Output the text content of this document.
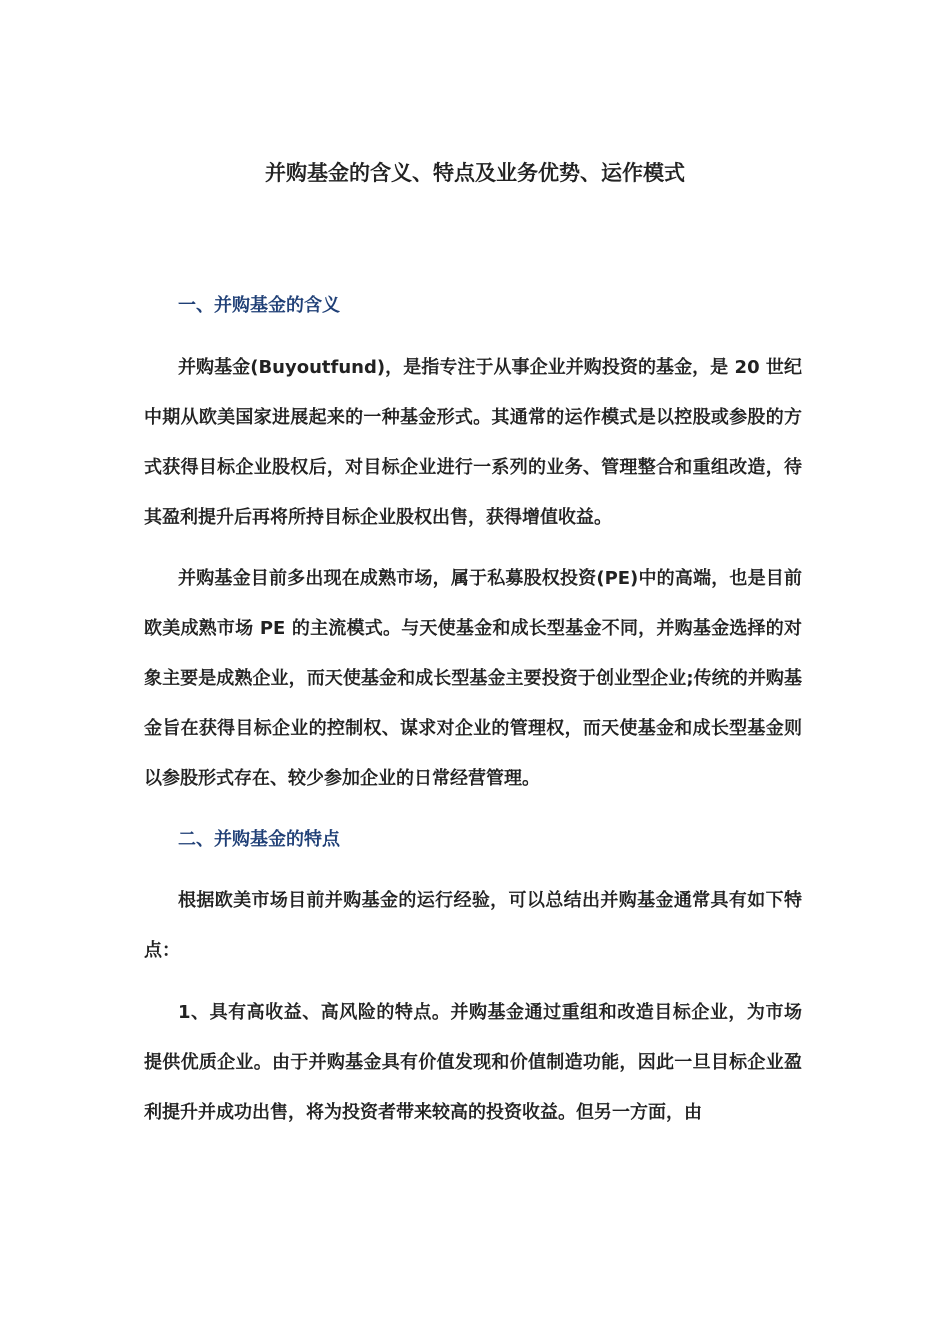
并购基金的含义、特点及业务优势、运作模式
一、并购基金的含义

并购基金(Buyoutfund)，是指专注于从事企业并购投资的基金，是 20 世纪中期从欧美国家进展起来的一种基金形式。其通常的运作模式是以控股或参股的方式获得目标企业股权后，对目标企业进行一系列的业务、管理整合和重组改造，待其盈利提升后再将所持目标企业股权出售，获得增值收益。

并购基金目前多出现在成熟市场，属于私募股权投资(PE)中的高端，也是目前欧美成熟市场 PE 的主流模式。与天使基金和成长型基金不同，并购基金选择的对象主要是成熟企业，而天使基金和成长型基金主要投资于创业型企业;传统的并购基金旨在获得目标企业的控制权、谋求对企业的管理权，而天使基金和成长型基金则以参股形式存在、较少参加企业的日常经营管理。

二、并购基金的特点

根据欧美市场目前并购基金的运行经验，可以总结出并购基金通常具有如下特点：

1、具有高收益、高风险的特点。并购基金通过重组和改造目标企业，为市场提供优质企业。由于并购基金具有价值发现和价值制造功能，因此一旦目标企业盈利提升并成功出售，将为投资者带来较高的投资收益。但另一方面，由
